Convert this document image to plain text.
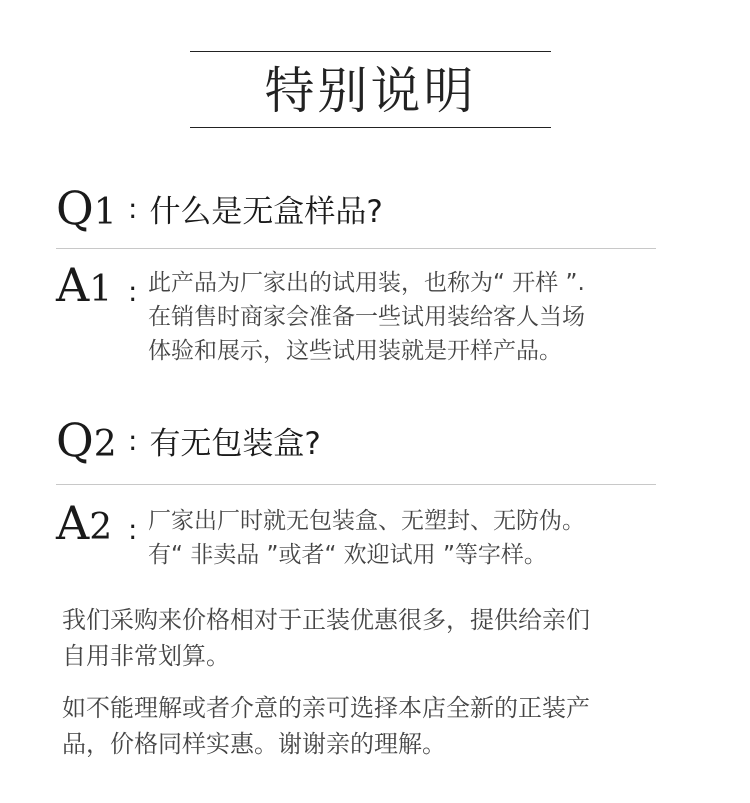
特别说明
Q1 : 什么是无盒样品?
A1 : 此产品为厂家出的试用装，也称为“ 开样 ”.
在销售时商家会准备一些试用装给客人当场
体验和展示，这些试用装就是开样产品。
Q2 : 有无包装盒?
A2 : 厂家出厂时就无包装盒、无塑封、无防伪。
有“ 非卖品 ”或者“ 欢迎试用 ”等字样。
我们采购来价格相对于正装优惠很多，提供给亲们
自用非常划算。
如不能理解或者介意的亲可选择本店全新的正装产
品，价格同样实惠。谢谢亲的理解。
